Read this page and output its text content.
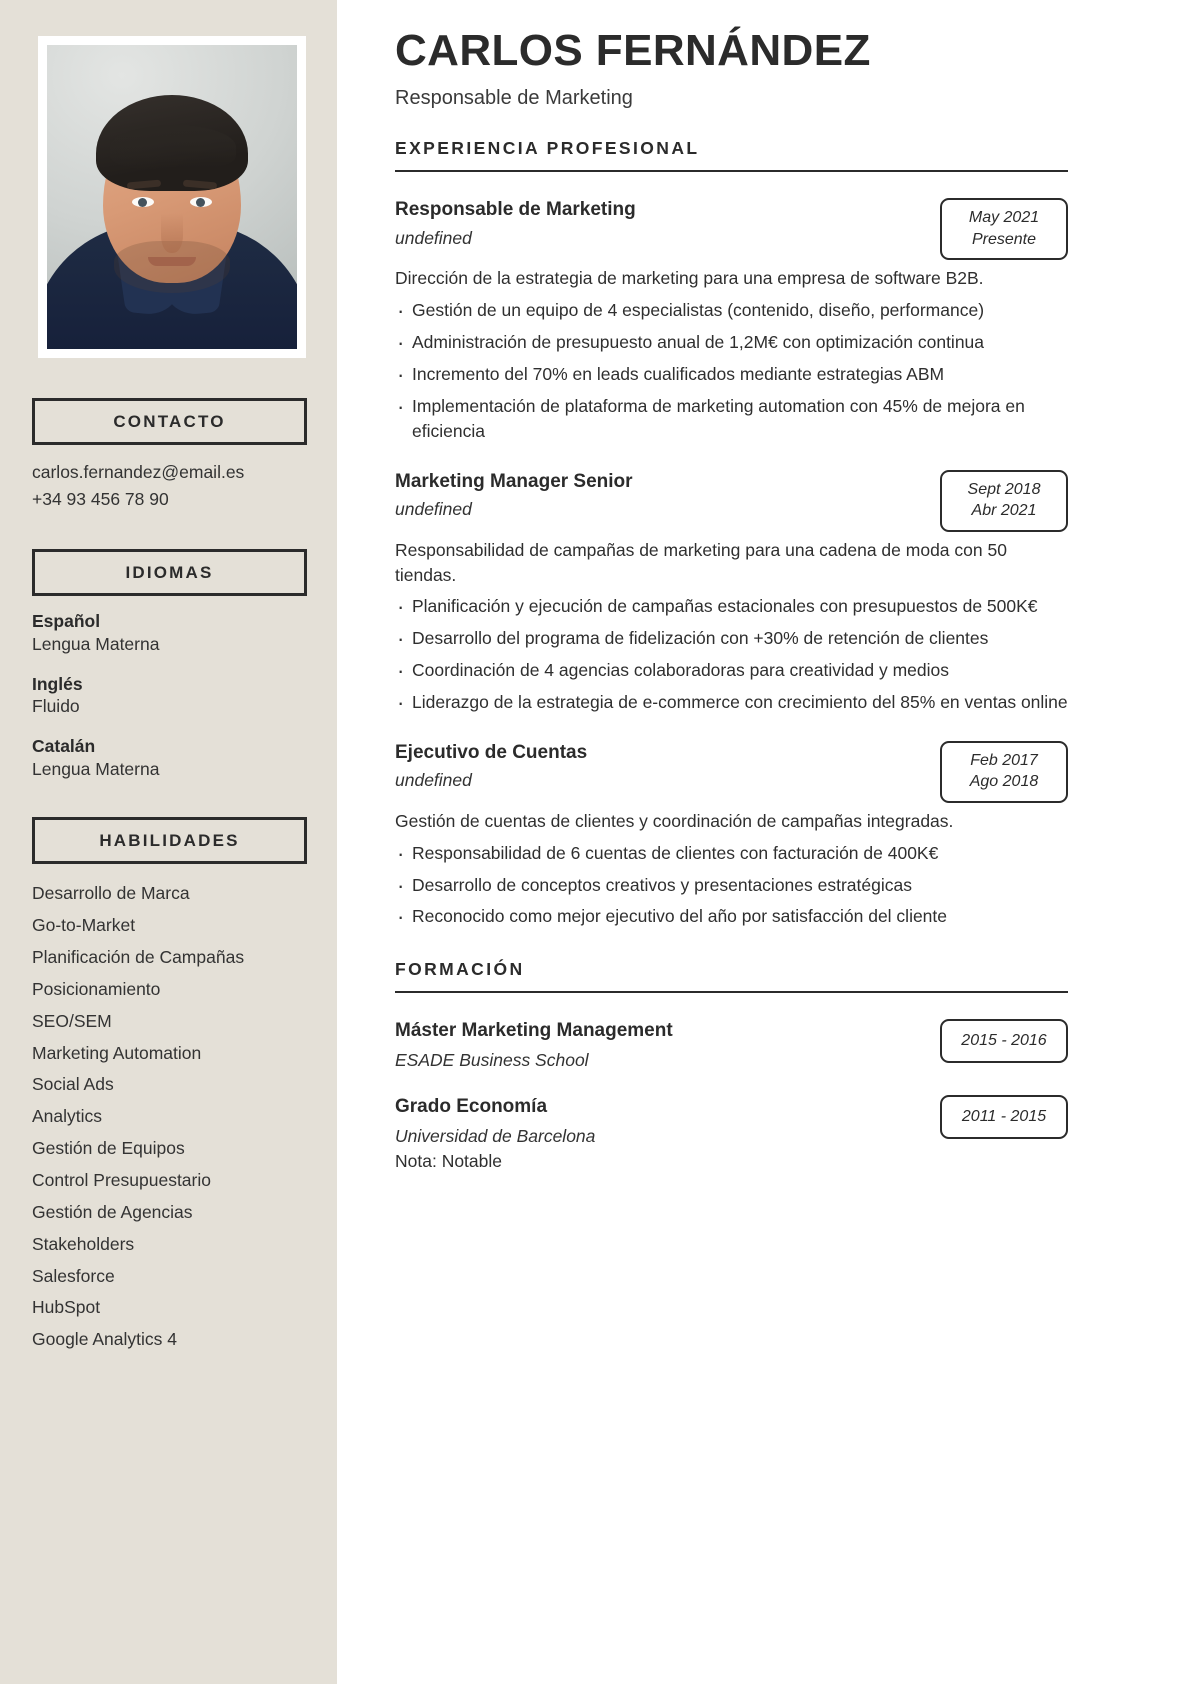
CONTACTO
carlos.fernandez@email.es
+34 93 456 78 90
IDIOMAS
Español
Lengua Materna
Inglés
Fluido
Catalán
Lengua Materna
HABILIDADES
Desarrollo de Marca
Go-to-Market
Planificación de Campañas
Posicionamiento
SEO/SEM
Marketing Automation
Social Ads
Analytics
Gestión de Equipos
Control Presupuestario
Gestión de Agencias
Stakeholders
Salesforce
HubSpot
Google Analytics 4
CARLOS FERNÁNDEZ
Responsable de Marketing
EXPERIENCIA PROFESIONAL
Responsable de Marketing
undefined
May 2021
Presente

Dirección de la estrategia de marketing para una empresa de software B2B.

· Gestión de un equipo de 4 especialistas (contenido, diseño, performance)
· Administración de presupuesto anual de 1,2M€ con optimización continua
· Incremento del 70% en leads cualificados mediante estrategias ABM
· Implementación de plataforma de marketing automation con 45% de mejora en eficiencia
Marketing Manager Senior
undefined
Sept 2018
Abr 2021

Responsabilidad de campañas de marketing para una cadena de moda con 50 tiendas.

· Planificación y ejecución de campañas estacionales con presupuestos de 500K€
· Desarrollo del programa de fidelización con +30% de retención de clientes
· Coordinación de 4 agencias colaboradoras para creatividad y medios
· Liderazgo de la estrategia de e-commerce con crecimiento del 85% en ventas online
Ejecutivo de Cuentas
undefined
Feb 2017
Ago 2018

Gestión de cuentas de clientes y coordinación de campañas integradas.

· Responsabilidad de 6 cuentas de clientes con facturación de 400K€
· Desarrollo de conceptos creativos y presentaciones estratégicas
· Reconocido como mejor ejecutivo del año por satisfacción del cliente
FORMACIÓN
Máster Marketing Management
ESADE Business School
2015 - 2016
Grado Economía
Universidad de Barcelona
Nota: Notable
2011 - 2015
